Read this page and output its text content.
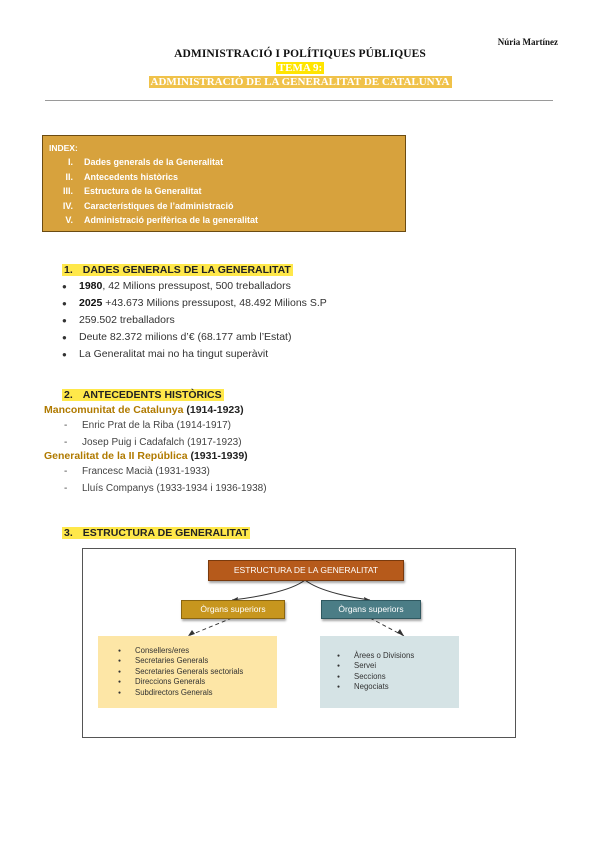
Núria Martínez
ADMINISTRACIÓ I POLÍTIQUES PÚBLIQUES
TEMA 9:
ADMINISTRACIÓ DE LA GENERALITAT DE CATALUNYA
INDEX:
I. Dades generals de la Generalitat
II. Antecedents històrics
III. Estructura de la Generalitat
IV. Característiques de l’administració
V. Administració perifèrica de la generalitat
1. DADES GENERALS DE LA GENERALITAT
● 1980, 42 Milions pressupost, 500 treballadors
● 2025 +43.673 Milions pressupost, 48.492 Milions S.P
● 259.502 treballadors
● Deute 82.372 milions d’€ (68.177 amb l’Estat)
● La Generalitat mai no ha tingut superàvit
2. ANTECEDENTS HISTÒRICS
Mancomunitat de Catalunya (1914-1923)
- Enric Prat de la Riba (1914-1917)
- Josep Puig i Cadafalch (1917-1923)
Generalitat de la II República (1931-1939)
- Francesc Macià (1931-1933)
- Lluís Companys (1933-1934 i 1936-1938)
3. ESTRUCTURA DE GENERALITAT
ESTRUCTURA DE LA GENERALITAT
Òrgans superiors	Òrgans superiors
● Consellers/eres
● Secretaries Generals
● Secretaries Generals sectorials
● Direccions Generals
● Subdirectors Generals
● Àrees o Divisions
● Servei
● Seccions
● Negociats
